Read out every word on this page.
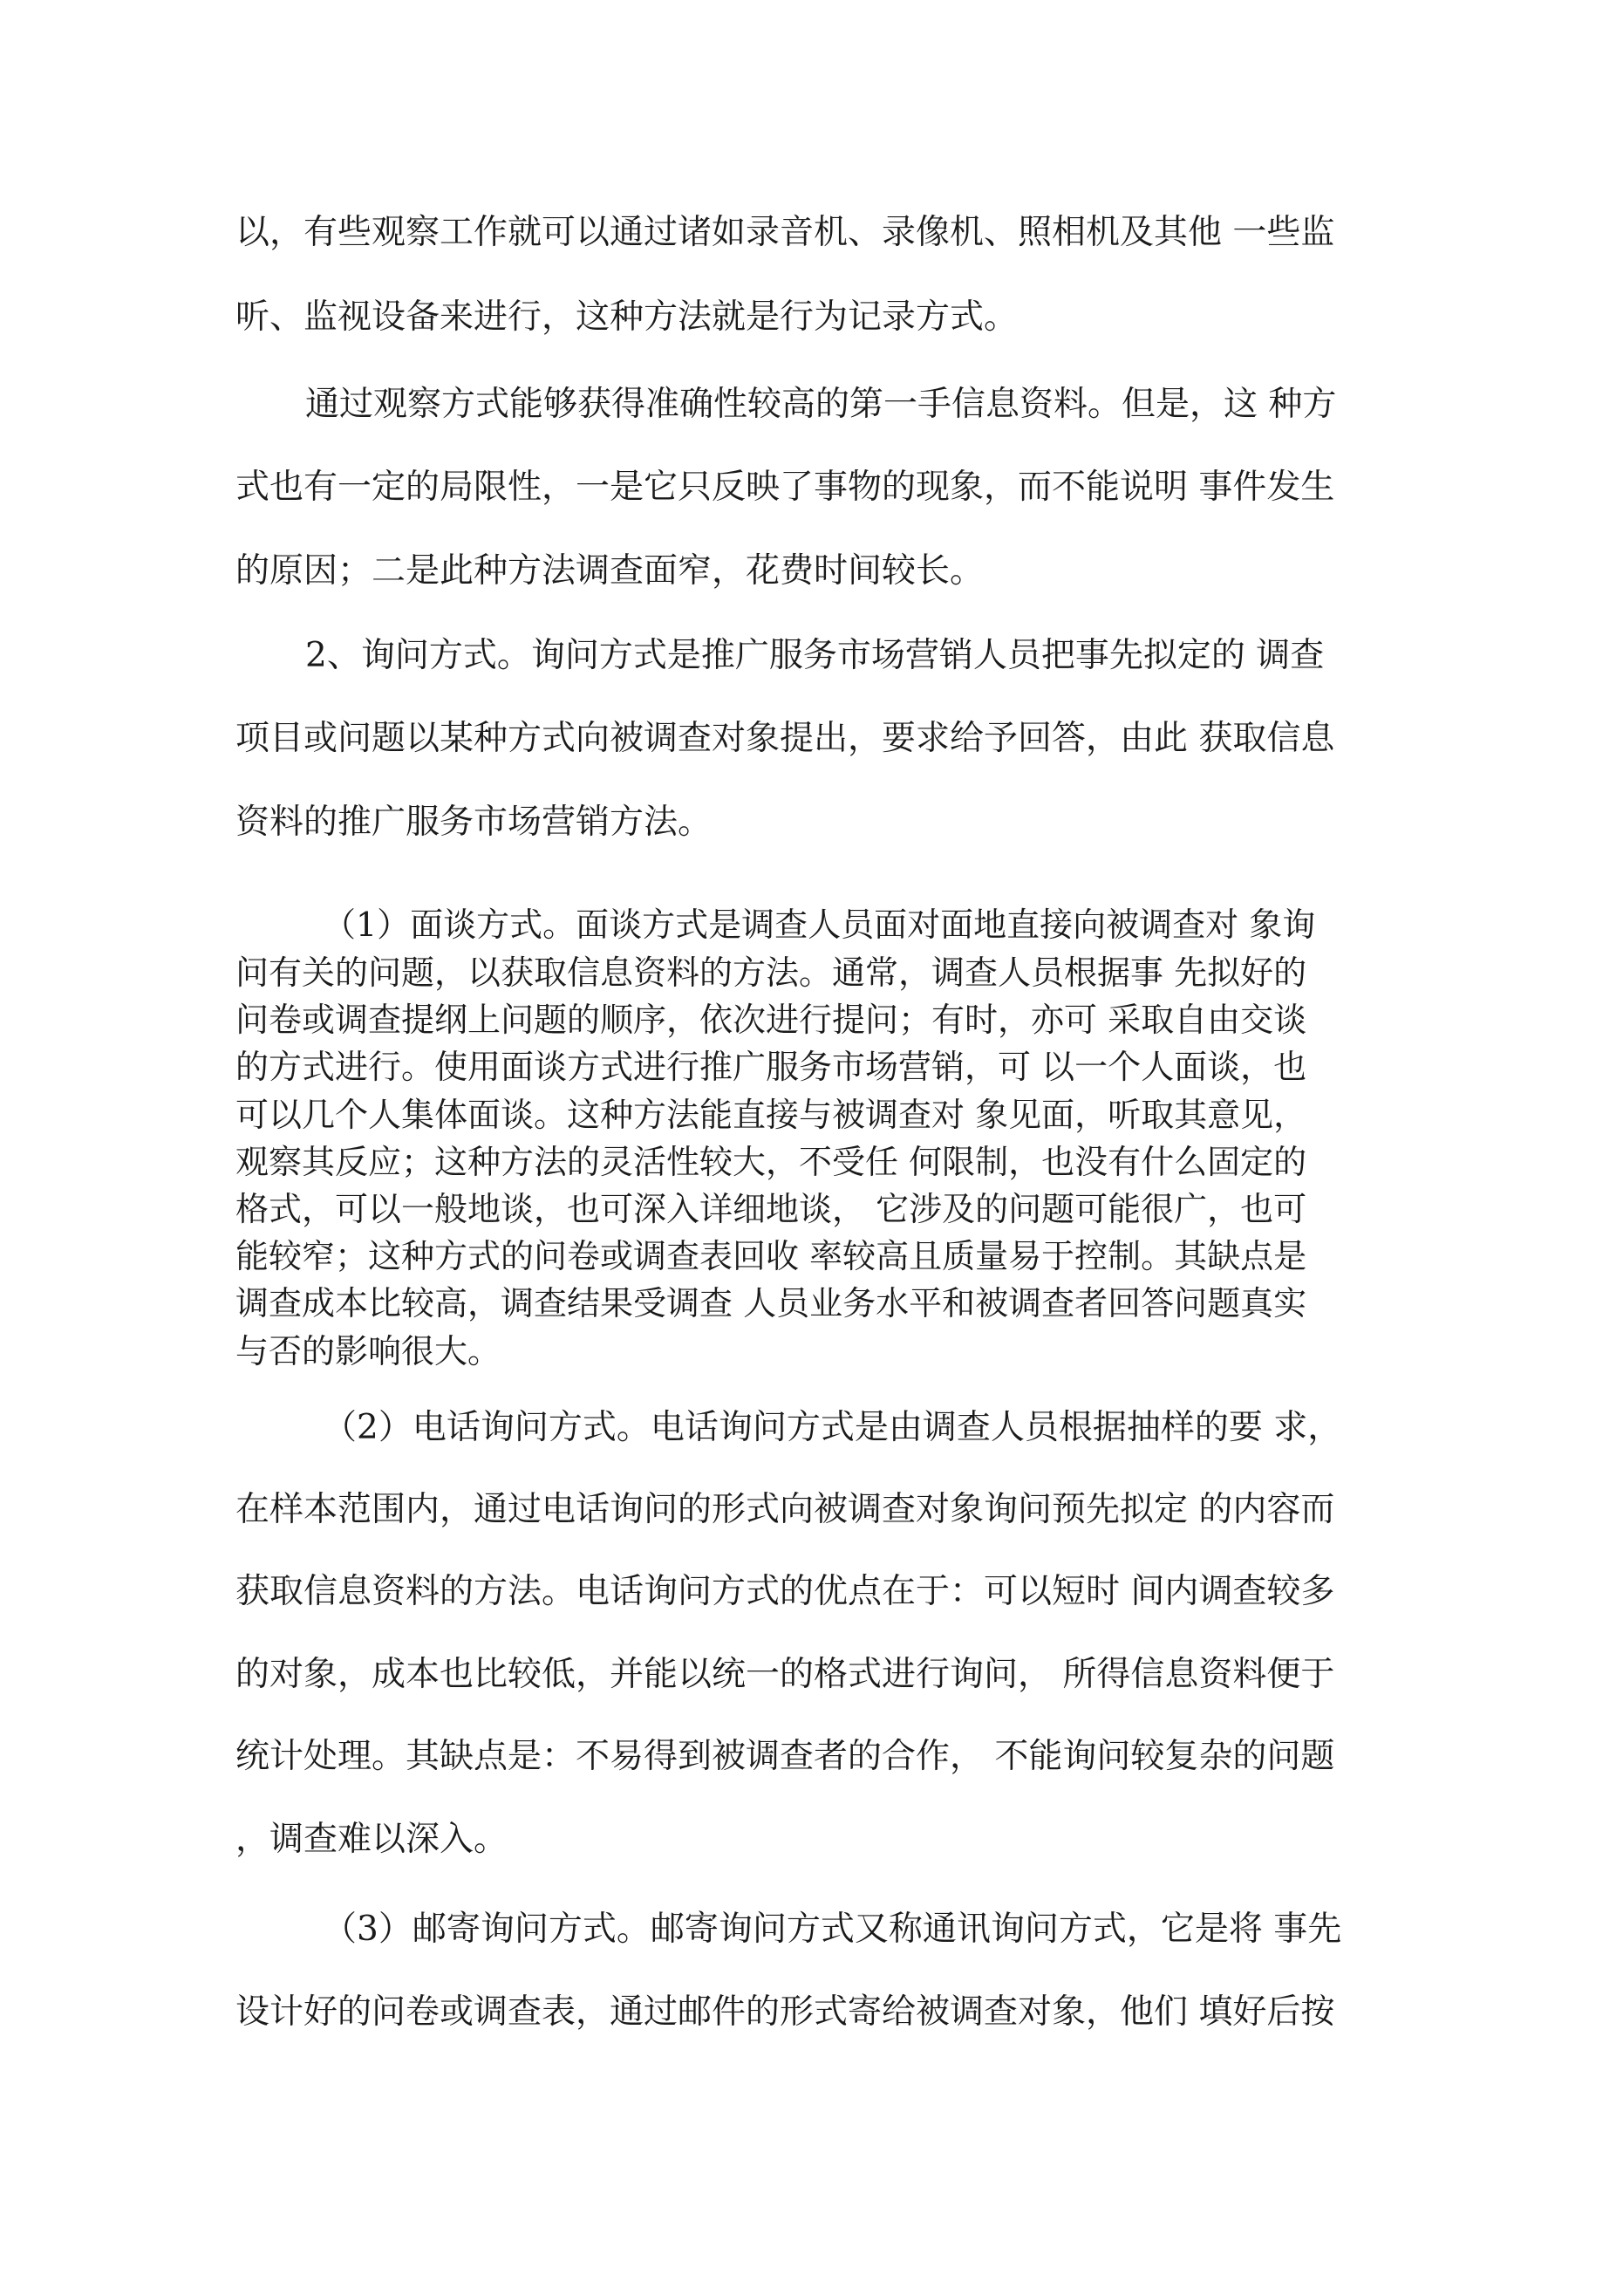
以，有些观察工作就可以通过诸如录音机、录像机、照相机及其他 一些监
听、监视设备来进行，这种方法就是行为记录方式。
通过观察方式能够获得准确性较高的第一手信息资料。但是，这 种方
式也有一定的局限性，一是它只反映了事物的现象，而不能说明 事件发生
的原因；二是此种方法调查面窄，花费时间较长。
2、询问方式。询问方式是推广服务市场营销人员把事先拟定的 调查
项目或问题以某种方式向被调查对象提出，要求给予回答，由此 获取信息
资料的推广服务市场营销方法。
（1）面谈方式。面谈方式是调查人员面对面地直接向被调查对 象询
问有关的问题，以获取信息资料的方法。通常，调查人员根据事 先拟好的
问卷或调查提纲上问题的顺序，依次进行提问；有时，亦可 采取自由交谈
的方式进行。使用面谈方式进行推广服务市场营销，可 以一个人面谈，也
可以几个人集体面谈。这种方法能直接与被调查对 象见面，听取其意见，
观察其反应；这种方法的灵活性较大，不受任 何限制，也没有什么固定的
格式，可以一般地谈，也可深入详细地谈， 它涉及的问题可能很广，也可
能较窄；这种方式的问卷或调查表回收 率较高且质量易于控制。其缺点是
调查成本比较高，调查结果受调查 人员业务水平和被调查者回答问题真实
与否的影响很大。
（2）电话询问方式。电话询问方式是由调查人员根据抽样的要 求，
在样本范围内，通过电话询问的形式向被调查对象询问预先拟定 的内容而
获取信息资料的方法。电话询问方式的优点在于：可以短时 间内调查较多
的对象，成本也比较低，并能以统一的格式进行询问， 所得信息资料便于
统计处理。其缺点是：不易得到被调查者的合作， 不能询问较复杂的问题
，调查难以深入。
（3）邮寄询问方式。邮寄询问方式又称通讯询问方式，它是将 事先
设计好的问卷或调查表，通过邮件的形式寄给被调查对象，他们 填好后按
